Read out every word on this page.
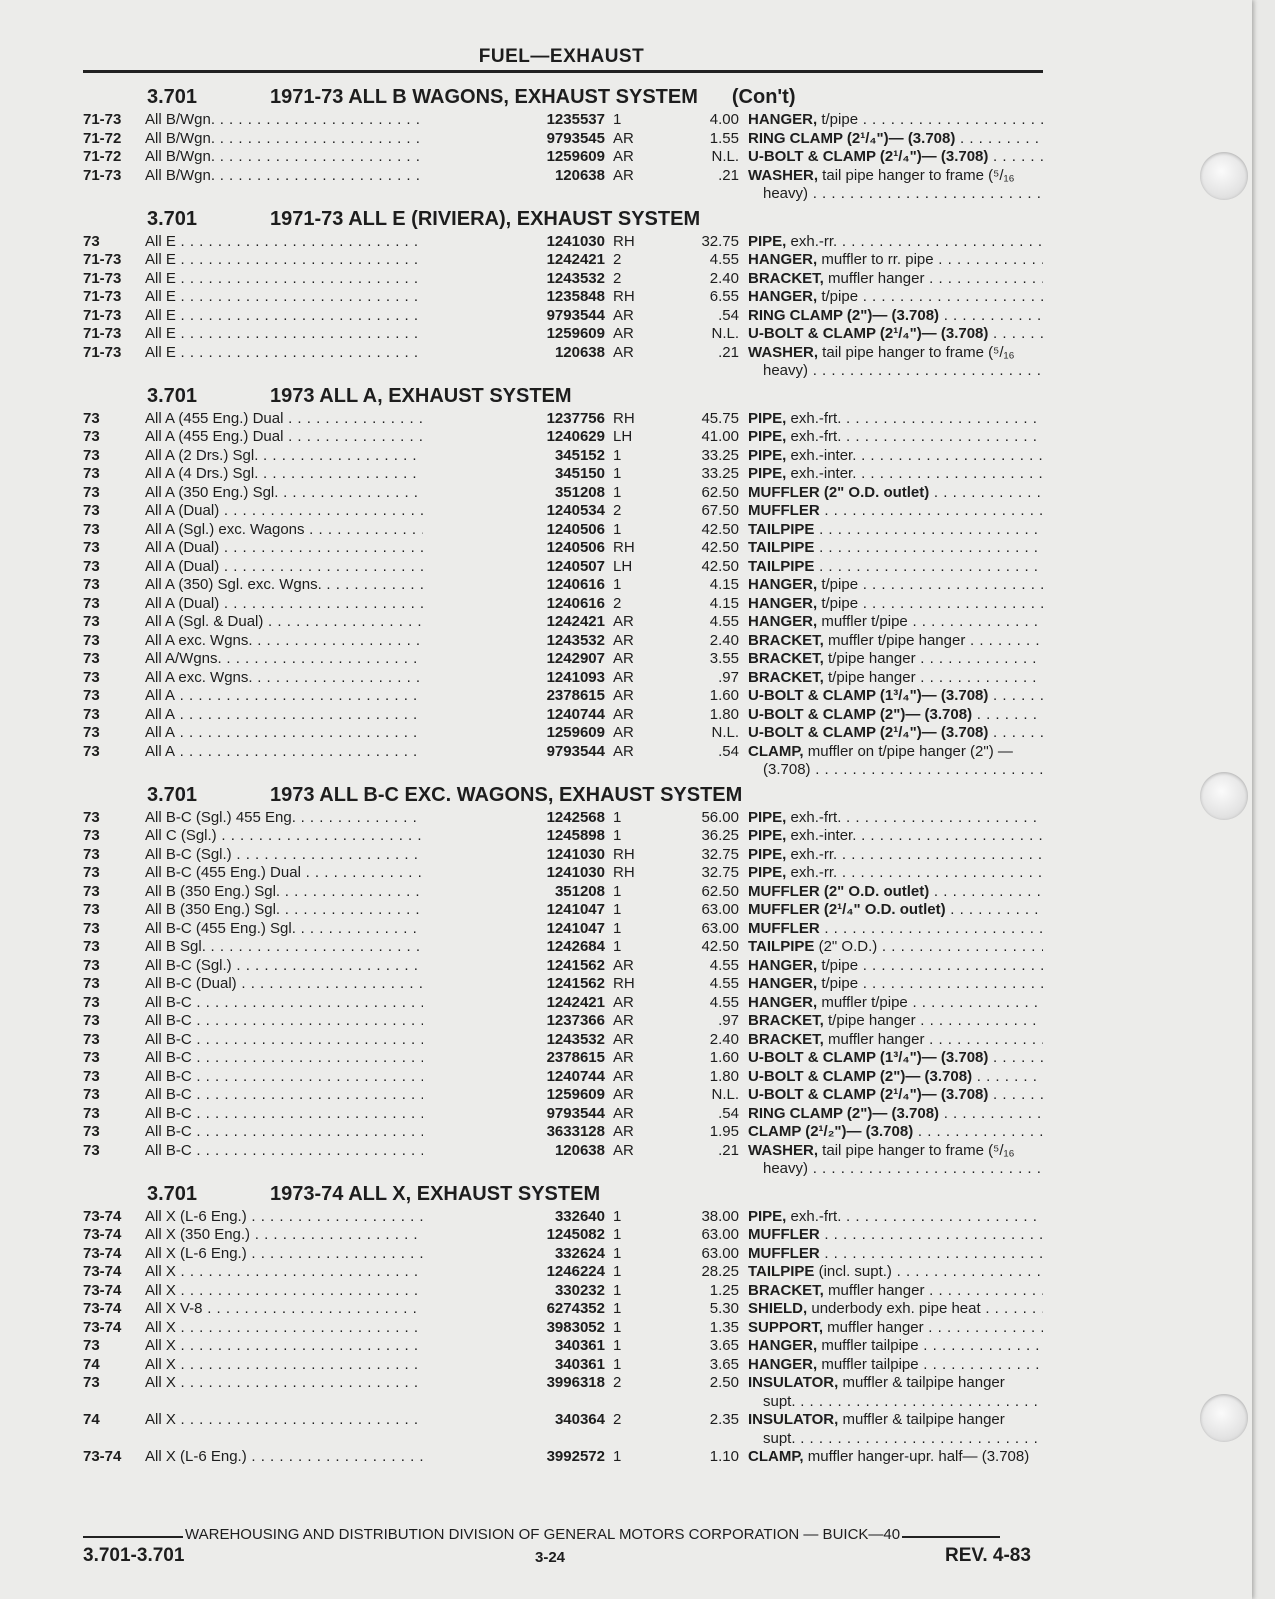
FUEL—EXHAUST
3.701	1971-73 ALL B WAGONS, EXHAUST SYSTEM (Con't)
71-73	All B/Wgn. . . .	1235537 1	4.00 HANGER, t/pipe . . .
71-72	All B/Wgn. . . .	9793545 AR	1.55 RING CLAMP (2¹/₄")— (3.708) . . .
71-72	All B/Wgn. . . .	1259609 AR	N.L. U-BOLT & CLAMP (2¹/₄")— (3.708) . . .
71-73	All B/Wgn. . . .	120638 AR	.21 WASHER, tail pipe hanger to frame (⁵/₁₆
heavy) . . .
3.701	1971-73 ALL E (RIVIERA), EXHAUST SYSTEM
73	All E . . .	1241030 RH	32.75 PIPE, exh.-rr. . . .
71-73	All E . . .	1242421 2	4.55 HANGER, muffler to rr. pipe . . .
71-73	All E . . .	1243532 2	2.40 BRACKET, muffler hanger . . .
71-73	All E . . .	1235848 RH	6.55 HANGER, t/pipe . . .
71-73	All E . . .	9793544 AR	.54 RING CLAMP (2")— (3.708) . . .
71-73	All E . . .	1259609 AR	N.L. U-BOLT & CLAMP (2¹/₄")— (3.708) . . .
71-73	All E . . .	120638 AR	.21 WASHER, tail pipe hanger to frame (⁵/₁₆
heavy) . . .
3.701	1973 ALL A, EXHAUST SYSTEM
73	All A (455 Eng.) Dual . . .	1237756 RH	45.75 PIPE, exh.-frt. . . .
73	All A (455 Eng.) Dual . . .	1240629 LH	41.00 PIPE, exh.-frt. . . .
73	All A (2 Drs.) Sgl. . . .	345152 1	33.25 PIPE, exh.-inter. . . .
73	All A (4 Drs.) Sgl. . . .	345150 1	33.25 PIPE, exh.-inter. . . .
73	All A (350 Eng.) Sgl. . . .	351208 1	62.50 MUFFLER (2" O.D. outlet) . . .
73	All A (Dual) . . .	1240534 2	67.50 MUFFLER . . .
73	All A (Sgl.) exc. Wagons . . .	1240506 1	42.50 TAILPIPE . . .
73	All A (Dual) . . .	1240506 RH	42.50 TAILPIPE . . .
73	All A (Dual) . . .	1240507 LH	42.50 TAILPIPE . . .
73	All A (350) Sgl. exc. Wgns. . . .	1240616 1	4.15 HANGER, t/pipe . . .
73	All A (Dual) . . .	1240616 2	4.15 HANGER, t/pipe . . .
73	All A (Sgl. & Dual) . . .	1242421 AR	4.55 HANGER, muffler t/pipe . . .
73	All A exc. Wgns. . . .	1243532 AR	2.40 BRACKET, muffler t/pipe hanger . . .
73	All A/Wgns. . . .	1242907 AR	3.55 BRACKET, t/pipe hanger . . .
73	All A exc. Wgns. . . .	1241093 AR	.97 BRACKET, t/pipe hanger . . .
73	All A . . .	2378615 AR	1.60 U-BOLT & CLAMP (1³/₄")— (3.708) . . .
73	All A . . .	1240744 AR	1.80 U-BOLT & CLAMP (2")— (3.708) . . .
73	All A . . .	1259609 AR	N.L. U-BOLT & CLAMP (2¹/₄")— (3.708) . . .
73	All A . . .	9793544 AR	.54 CLAMP, muffler on t/pipe hanger (2") —
(3.708) . . .
3.701	1973 ALL B-C EXC. WAGONS, EXHAUST SYSTEM
73	All B-C (Sgl.) 455 Eng. . . .	1242568 1	56.00 PIPE, exh.-frt. . . .
73	All C (Sgl.) . . .	1245898 1	36.25 PIPE, exh.-inter. . . .
73	All B-C (Sgl.) . . .	1241030 RH	32.75 PIPE, exh.-rr. . . .
73	All B-C (455 Eng.) Dual . . .	1241030 RH	32.75 PIPE, exh.-rr. . . .
73	All B (350 Eng.) Sgl. . . .	351208 1	62.50 MUFFLER (2" O.D. outlet) . . .
73	All B (350 Eng.) Sgl. . . .	1241047 1	63.00 MUFFLER (2¹/₄" O.D. outlet) . . .
73	All B-C (455 Eng.) Sgl. . . .	1241047 1	63.00 MUFFLER . . .
73	All B Sgl. . . .	1242684 1	42.50 TAILPIPE (2" O.D.) . . .
73	All B-C (Sgl.) . . .	1241562 AR	4.55 HANGER, t/pipe . . .
73	All B-C (Dual) . . .	1241562 RH	4.55 HANGER, t/pipe . . .
73	All B-C . . .	1242421 AR	4.55 HANGER, muffler t/pipe . . .
73	All B-C . . .	1237366 AR	.97 BRACKET, t/pipe hanger . . .
73	All B-C . . .	1243532 AR	2.40 BRACKET, muffler hanger . . .
73	All B-C . . .	2378615 AR	1.60 U-BOLT & CLAMP (1³/₄")— (3.708) . . .
73	All B-C . . .	1240744 AR	1.80 U-BOLT & CLAMP (2")— (3.708) . . .
73	All B-C . . .	1259609 AR	N.L. U-BOLT & CLAMP (2¹/₄")— (3.708) . . .
73	All B-C . . .	9793544 AR	.54 RING CLAMP (2")— (3.708) . . .
73	All B-C . . .	3633128 AR	1.95 CLAMP (2¹/₂")— (3.708) . . .
73	All B-C . . .	120638 AR	.21 WASHER, tail pipe hanger to frame (⁵/₁₆
heavy) . . .
3.701	1973-74 ALL X, EXHAUST SYSTEM
73-74	All X (L-6 Eng.) . . .	332640 1	38.00 PIPE, exh.-frt. . . .
73-74	All X (350 Eng.) . . .	1245082 1	63.00 MUFFLER . . .
73-74	All X (L-6 Eng.) . . .	332624 1	63.00 MUFFLER . . .
73-74	All X . . .	1246224 1	28.25 TAILPIPE (incl. supt.) . . .
73-74	All X . . .	330232 1	1.25 BRACKET, muffler hanger . . .
73-74	All X V-8 . . .	6274352 1	5.30 SHIELD, underbody exh. pipe heat . . .
73-74	All X . . .	3983052 1	1.35 SUPPORT, muffler hanger . . .
73	All X . . .	340361 1	3.65 HANGER, muffler tailpipe . . .
74	All X . . .	340361 1	3.65 HANGER, muffler tailpipe . . .
73	All X . . .	3996318 2	2.50 INSULATOR, muffler & tailpipe hanger
supt. . . .
74	All X . . .	340364 2	2.35 INSULATOR, muffler & tailpipe hanger
supt. . . .
73-74	All X (L-6 Eng.) . . .	3992572 1	1.10 CLAMP, muffler hanger-upr. half— (3.708)
WAREHOUSING AND DISTRIBUTION DIVISION OF GENERAL MOTORS CORPORATION — BUICK—40
3.701-3.701	3-24	REV. 4-83
